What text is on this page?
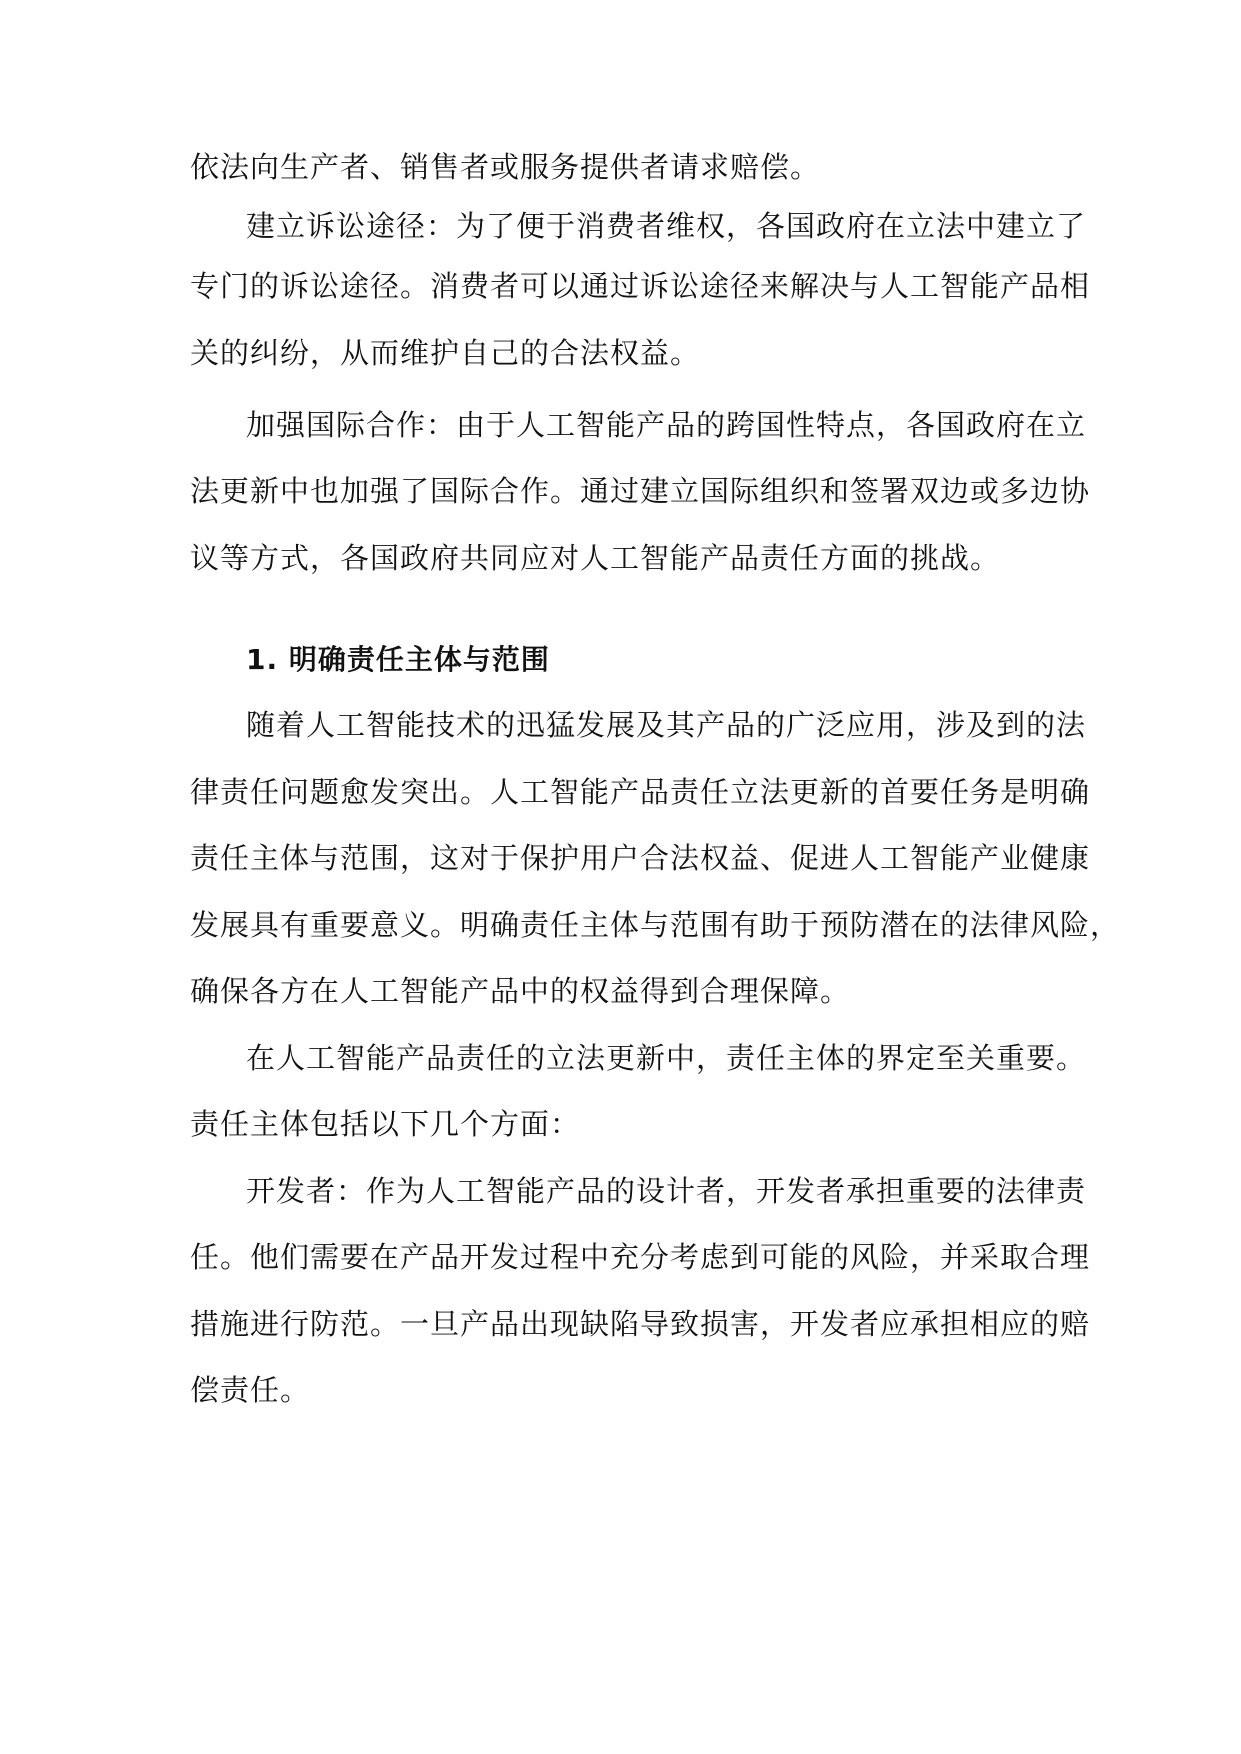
依法向生产者、销售者或服务提供者请求赔偿。
建立诉讼途径：为了便于消费者维权，各国政府在立法中建立了
专门的诉讼途径。消费者可以通过诉讼途径来解决与人工智能产品相
关的纠纷，从而维护自己的合法权益。
加强国际合作：由于人工智能产品的跨国性特点，各国政府在立
法更新中也加强了国际合作。通过建立国际组织和签署双边或多边协
议等方式，各国政府共同应对人工智能产品责任方面的挑战。
1. 明确责任主体与范围
随着人工智能技术的迅猛发展及其产品的广泛应用，涉及到的法
律责任问题愈发突出。人工智能产品责任立法更新的首要任务是明确
责任主体与范围，这对于保护用户合法权益、促进人工智能产业健康
发展具有重要意义。明确责任主体与范围有助于预防潜在的法律风险，
确保各方在人工智能产品中的权益得到合理保障。
在人工智能产品责任的立法更新中，责任主体的界定至关重要。
责任主体包括以下几个方面：
开发者：作为人工智能产品的设计者，开发者承担重要的法律责
任。他们需要在产品开发过程中充分考虑到可能的风险，并采取合理
措施进行防范。一旦产品出现缺陷导致损害，开发者应承担相应的赔
偿责任。
